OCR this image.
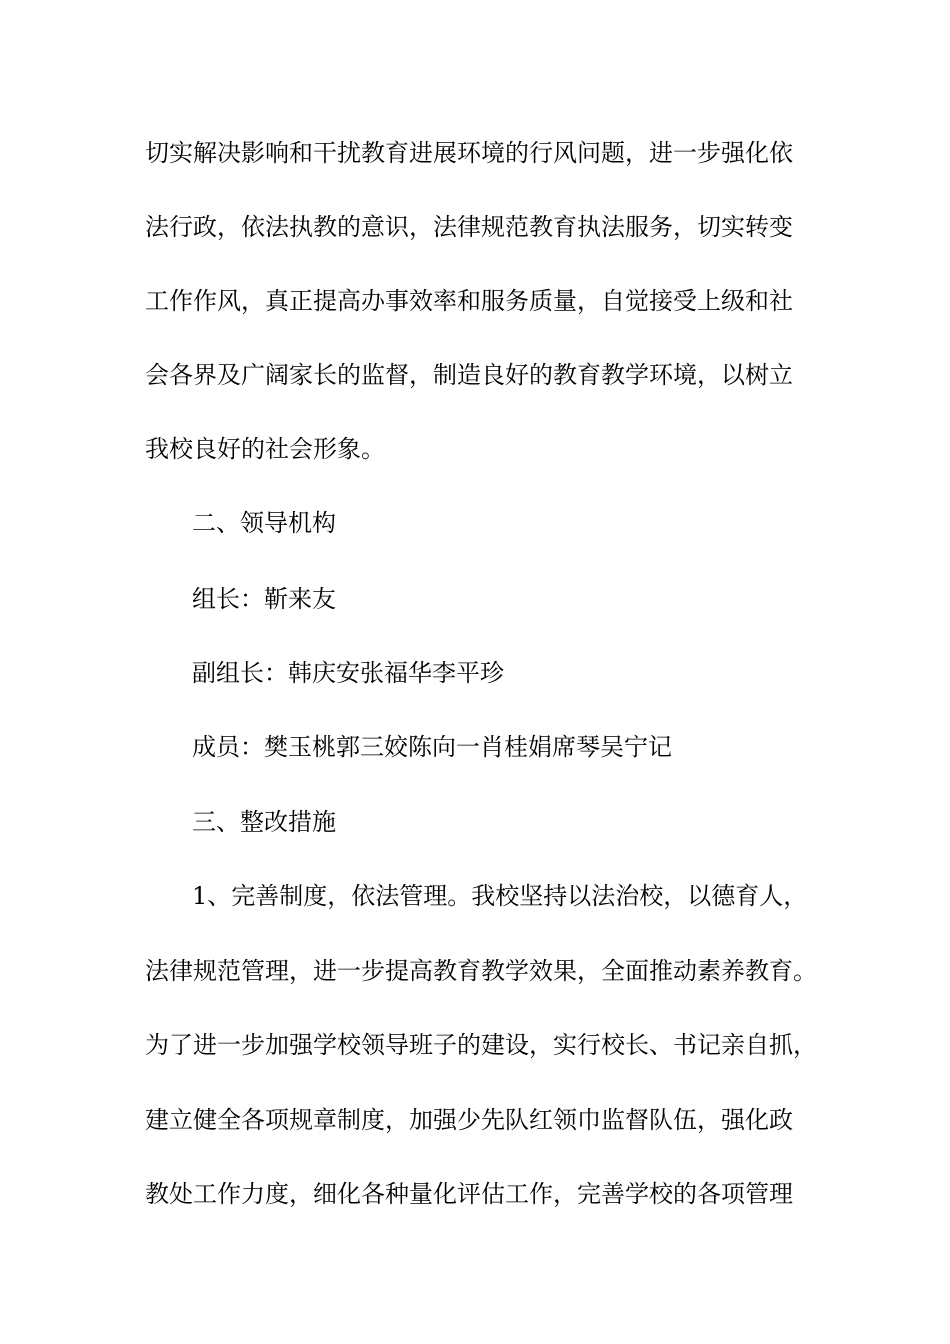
切实解决影响和干扰教育进展环境的行风问题，进一步强化依
法行政，依法执教的意识，法律规范教育执法服务，切实转变
工作作风，真正提高办事效率和服务质量，自觉接受上级和社
会各界及广阔家长的监督，制造良好的教育教学环境，以树立
我校良好的社会形象。
二、领导机构
组长：靳来友
副组长：韩庆安张福华李平珍
成员：樊玉桃郭三姣陈向一肖桂娟席琴吴宁记
三、整改措施
1、完善制度，依法管理。我校坚持以法治校，以德育人，
法律规范管理，进一步提高教育教学效果，全面推动素养教育。
为了进一步加强学校领导班子的建设，实行校长、书记亲自抓，
建立健全各项规章制度，加强少先队红领巾监督队伍，强化政
教处工作力度，细化各种量化评估工作，完善学校的各项管理
